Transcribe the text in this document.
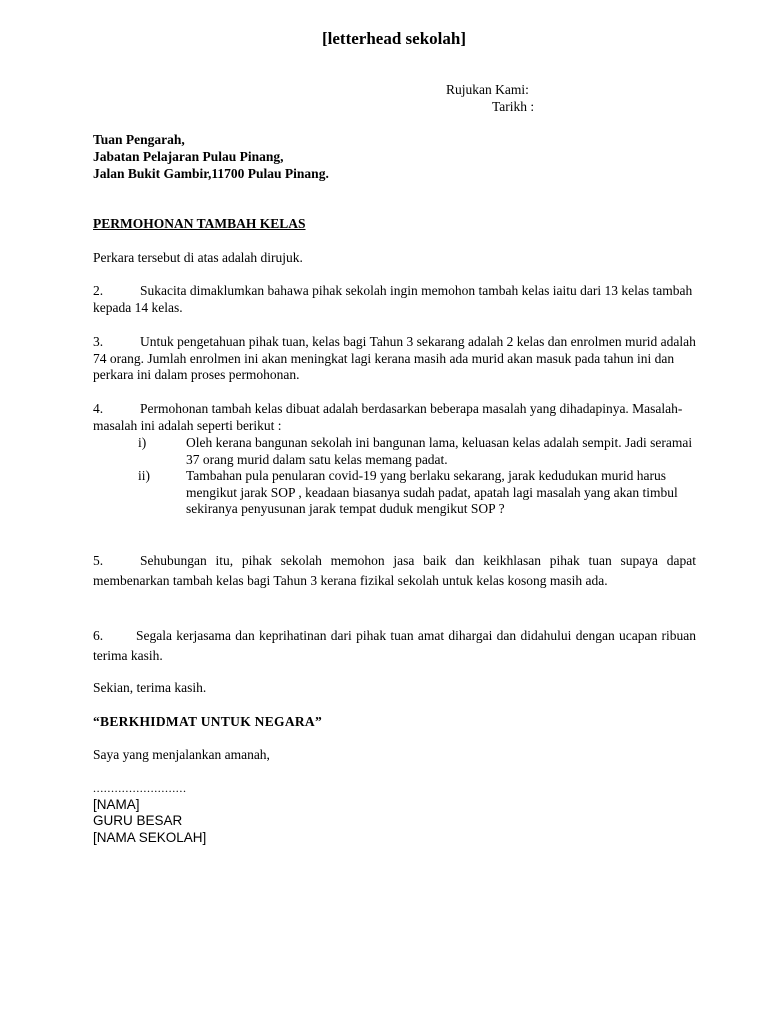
[letterhead sekolah]
Rujukan Kami:
Tarikh :
Tuan Pengarah,
Jabatan Pelajaran Pulau Pinang,
Jalan Bukit Gambir,11700 Pulau Pinang.
PERMOHONAN TAMBAH KELAS
Perkara tersebut di atas adalah dirujuk.

2.	Sukacita dimaklumkan bahawa pihak sekolah ingin memohon tambah kelas iaitu dari 13 kelas tambah kepada 14 kelas.

3.	Untuk pengetahuan pihak tuan, kelas bagi Tahun 3 sekarang adalah 2 kelas dan enrolmen murid adalah 74 orang. Jumlah enrolmen ini akan meningkat lagi kerana masih ada murid akan masuk pada tahun ini dan perkara ini dalam proses permohonan.

4.	Permohonan tambah kelas dibuat adalah berdasarkan beberapa masalah yang dihadapinya. Masalah-masalah ini adalah seperti berikut :

i)	Oleh kerana bangunan sekolah ini bangunan lama, keluasan kelas adalah sempit. Jadi seramai 37 orang murid dalam satu kelas memang padat.
ii)	Tambahan pula penularan covid-19 yang berlaku sekarang, jarak kedudukan murid harus mengikut jarak SOP , keadaan biasanya sudah padat, apatah lagi masalah yang akan timbul sekiranya penyusunan jarak tempat duduk mengikut SOP ?

5.	Sehubungan itu, pihak sekolah memohon jasa baik dan keikhlasan pihak tuan supaya dapat membenarkan tambah kelas bagi Tahun 3 kerana fizikal sekolah untuk kelas kosong masih ada.

6. Segala kerjasama dan keprihatinan dari pihak tuan amat dihargai dan didahului dengan ucapan ribuan terima kasih.

Sekian, terima kasih.
“BERKHIDMAT UNTUK NEGARA”
Saya yang menjalankan amanah,
..........................
[NAMA]
GURU BESAR
[NAMA SEKOLAH]
